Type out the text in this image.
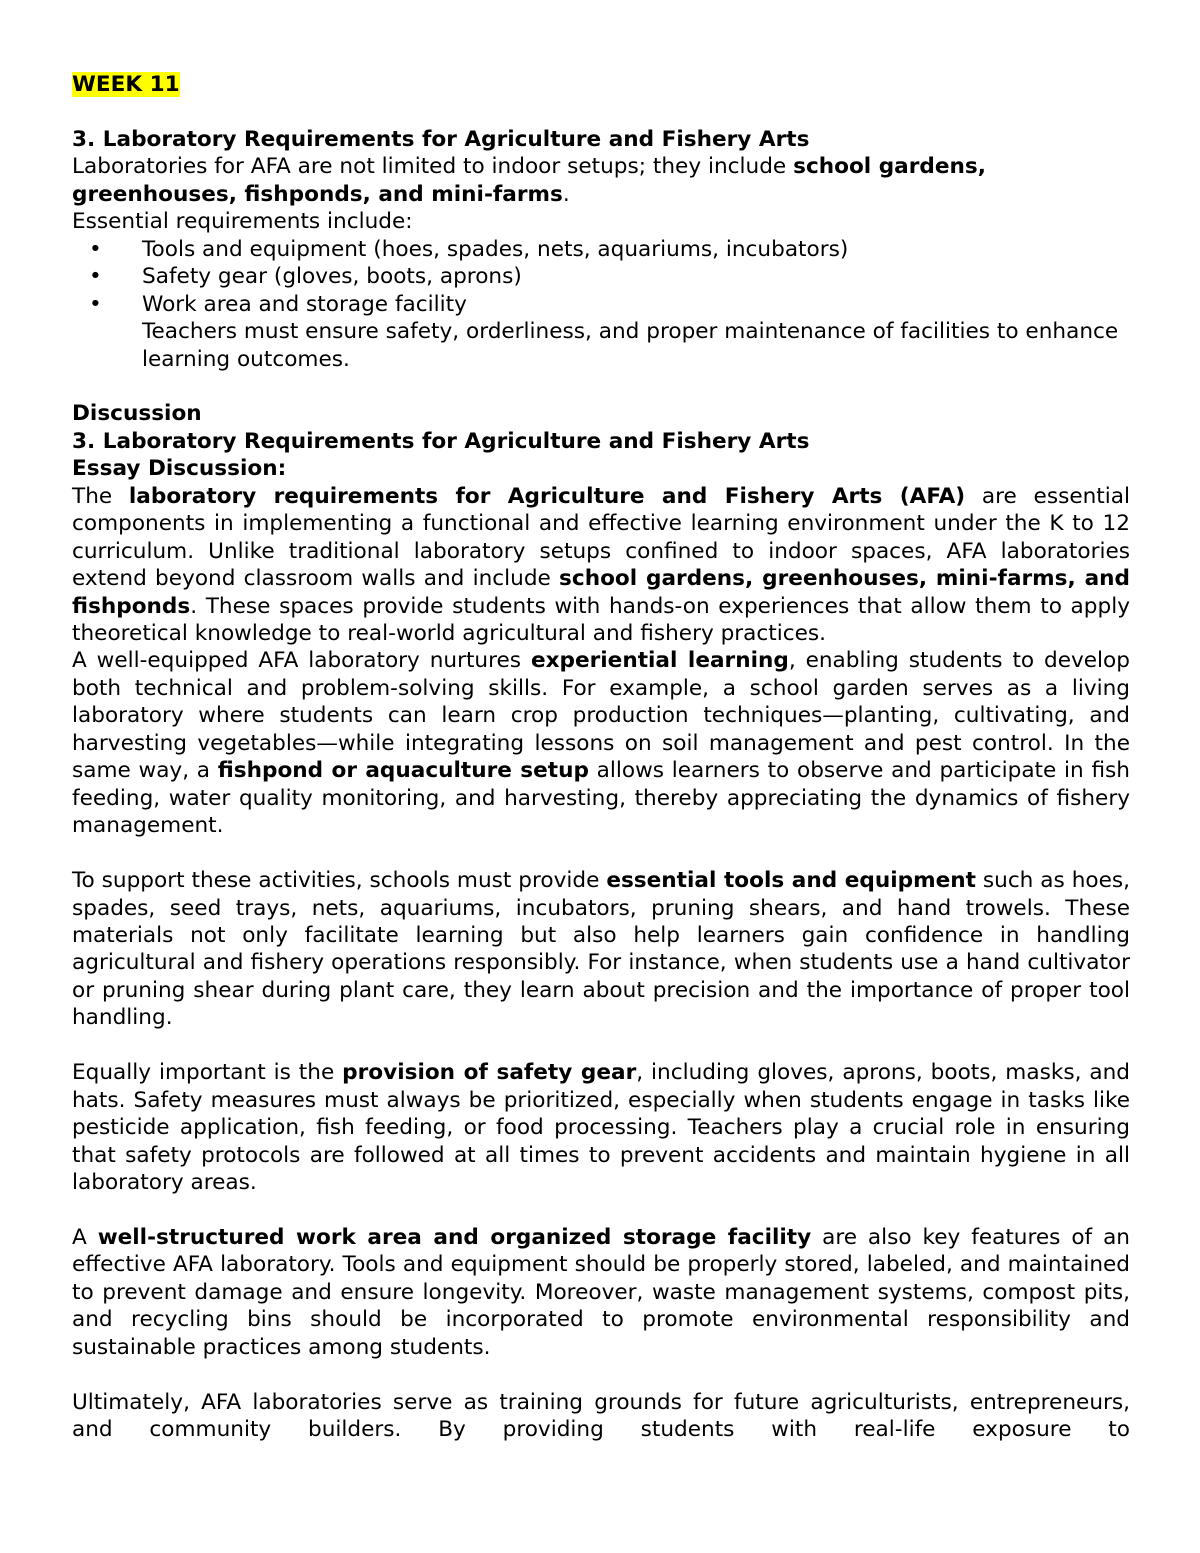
WEEK 11

3. Laboratory Requirements for Agriculture and Fishery Arts

Laboratories for AFA are not limited to indoor setups; they include school gardens, greenhouses, fishponds, and mini-farms.

Essential requirements include:

• Tools and equipment (hoes, spades, nets, aquariums, incubators)
• Safety gear (gloves, boots, aprons)
• Work area and storage facility

Teachers must ensure safety, orderliness, and proper maintenance of facilities to enhance learning outcomes.

Discussion

3. Laboratory Requirements for Agriculture and Fishery Arts

Essay Discussion:

The laboratory requirements for Agriculture and Fishery Arts (AFA) are essential components in implementing a functional and effective learning environment under the K to 12 curriculum. Unlike traditional laboratory setups confined to indoor spaces, AFA laboratories extend beyond classroom walls and include school gardens, greenhouses, mini-farms, and fishponds. These spaces provide students with hands-on experiences that allow them to apply theoretical knowledge to real-world agricultural and fishery practices.

A well-equipped AFA laboratory nurtures experiential learning, enabling students to develop both technical and problem-solving skills. For example, a school garden serves as a living laboratory where students can learn crop production techniques—planting, cultivating, and harvesting vegetables—while integrating lessons on soil management and pest control. In the same way, a fishpond or aquaculture setup allows learners to observe and participate in fish feeding, water quality monitoring, and harvesting, thereby appreciating the dynamics of fishery management.

To support these activities, schools must provide essential tools and equipment such as hoes, spades, seed trays, nets, aquariums, incubators, pruning shears, and hand trowels. These materials not only facilitate learning but also help learners gain confidence in handling agricultural and fishery operations responsibly. For instance, when students use a hand cultivator or pruning shear during plant care, they learn about precision and the importance of proper tool handling.

Equally important is the provision of safety gear, including gloves, aprons, boots, masks, and hats. Safety measures must always be prioritized, especially when students engage in tasks like pesticide application, fish feeding, or food processing. Teachers play a crucial role in ensuring that safety protocols are followed at all times to prevent accidents and maintain hygiene in all laboratory areas.

A well-structured work area and organized storage facility are also key features of an effective AFA laboratory. Tools and equipment should be properly stored, labeled, and maintained to prevent damage and ensure longevity. Moreover, waste management systems, compost pits, and recycling bins should be incorporated to promote environmental responsibility and sustainable practices among students.

Ultimately, AFA laboratories serve as training grounds for future agriculturists, entrepreneurs, and community builders. By providing students with real-life exposure to
